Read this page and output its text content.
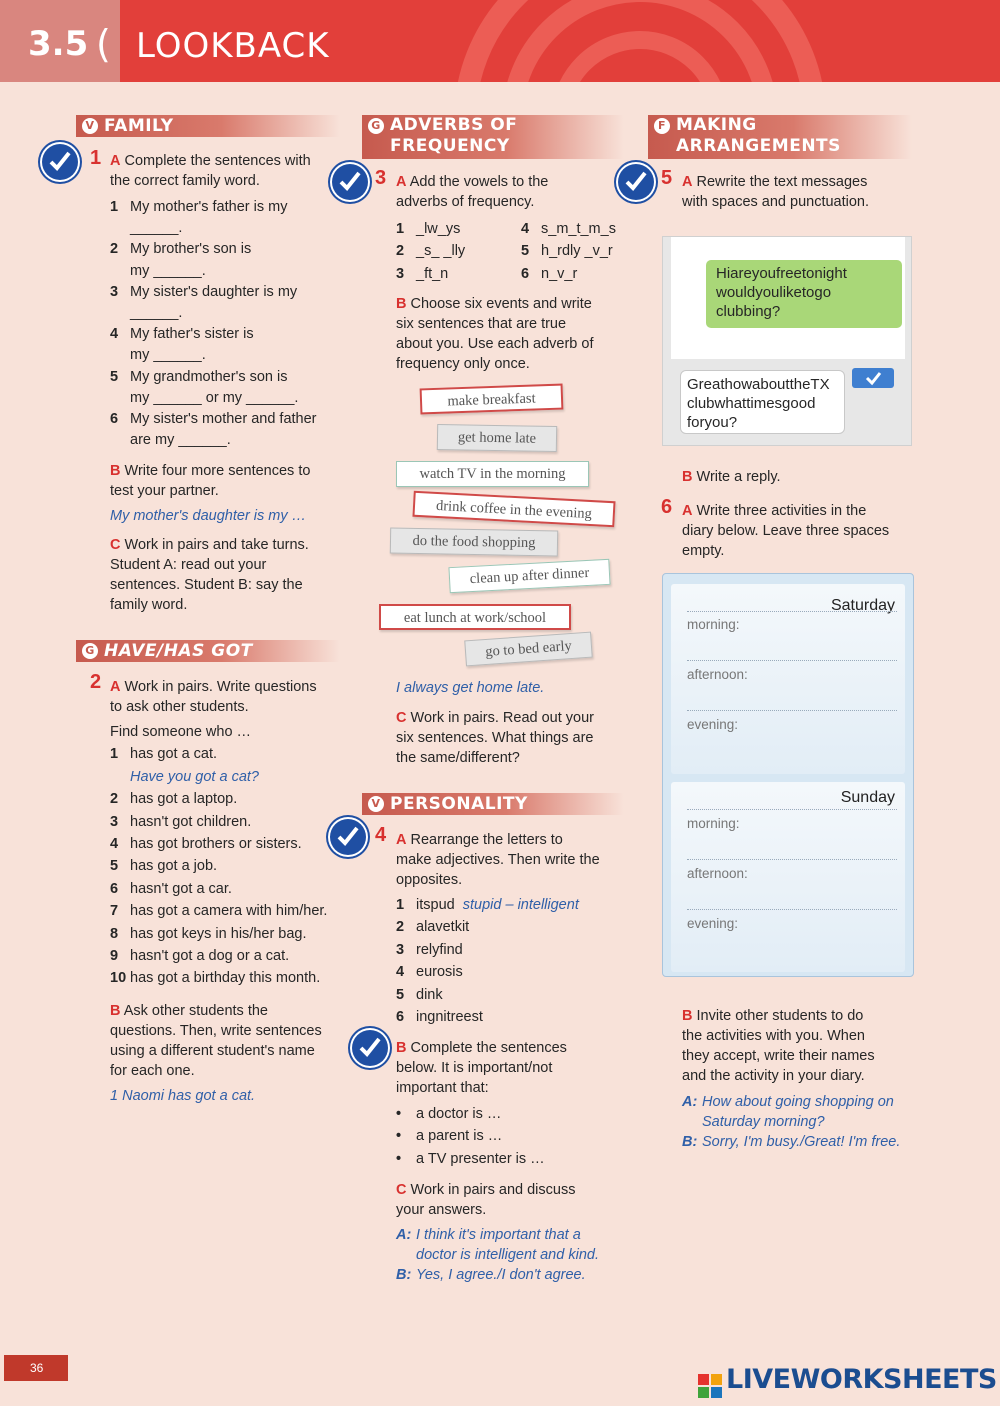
3.5 ( LOOKBACK
V FAMILY
1 A Complete the sentences with
the correct family word.
1 My mother's father is my
______.
2 My brother's son is
my ______.
3 My sister's daughter is my
______.
4 My father's sister is
my ______.
5 My grandmother's son is
my ______ or my ______.
6 My sister's mother and father
are my ______.
B Write four more sentences to
test your partner.
My mother's daughter is my …
C Work in pairs and take turns.
Student A: read out your
sentences. Student B: say the
family word.
G HAVE/HAS GOT
2 A Work in pairs. Write questions
to ask other students.
Find someone who …
1 has got a cat.
Have you got a cat?
2 has got a laptop.
3 hasn't got children.
4 has got brothers or sisters.
5 has got a job.
6 hasn't got a car.
7 has got a camera with him/her.
8 has got keys in his/her bag.
9 hasn't got a dog or a cat.
10 has got a birthday this month.
B Ask other students the
questions. Then, write sentences
using a different student's name
for each one.
1 Naomi has got a cat.
G ADVERBS OF
FREQUENCY
3 A Add the vowels to the
adverbs of frequency.
1 _lw_ys
2 _s_ _lly
3 _ft_n
4 s_m_t_m_s
5 h_rdly _v_r
6 n_v_r
B Choose six events and write
six sentences that are true
about you. Use each adverb of
frequency only once.
make breakfast
get home late
watch TV in the morning
drink coffee in the evening
do the food shopping
clean up after dinner
eat lunch at work/school
go to bed early
I always get home late.
C Work in pairs. Read out your
six sentences. What things are
the same/different?
V PERSONALITY
4 A Rearrange the letters to
make adjectives. Then write the
opposites.
1 itspud stupid – intelligent
2 alavetkit
3 relyfind
4 eurosis
5 dink
6 ingnitreest
B Complete the sentences
below. It is important/not
important that:
• a doctor is …
• a parent is …
• a TV presenter is …
C Work in pairs and discuss
your answers.
A: I think it's important that a
doctor is intelligent and kind.
B: Yes, I agree./I don't agree.
F MAKING
ARRANGEMENTS
5 A Rewrite the text messages
with spaces and punctuation.
Hiareyoufreetonight
wouldyouliketogo
clubbing?
GreathowabouttheTX
clubwhattimesgood
foryou?
B Write a reply.
6 A Write three activities in the
diary below. Leave three spaces
empty.
Saturday
morning:
afternoon:
evening:
Sunday
morning:
afternoon:
evening:
B Invite other students to do
the activities with you. When
they accept, write their names
and the activity in your diary.
A: How about going shopping on
Saturday morning?
B: Sorry, I'm busy./Great! I'm free.
36	LIVEWORKSHEETS
